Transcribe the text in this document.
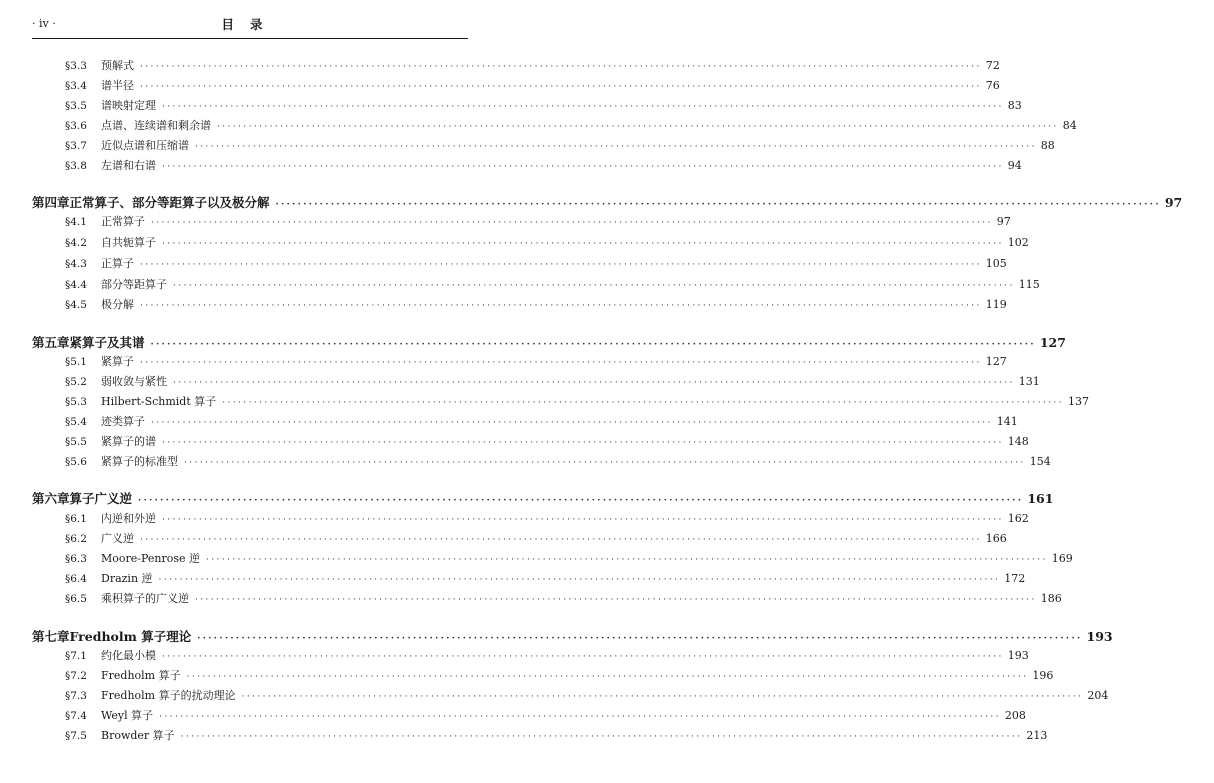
· iv ·	目录
§3.3	预解式 ································································································································································ 72
§3.4	谱半径 ································································································································································ 76
§3.5	谱映射定理 ································································································································································ 83
§3.6	点谱、连续谱和剩余谱 ································································································································································ 84
§3.7	近似点谱和压缩谱 ································································································································································ 88
§3.8	左谱和右谱 ································································································································································ 94
第四章 正常算子、部分等距算子以及极分解 ································································································································································ 97
§4.1	正常算子 ································································································································································ 97
§4.2	自共轭算子 ································································································································································ 102
§4.3	正算子 ································································································································································ 105
§4.4	部分等距算子 ································································································································································ 115
§4.5	极分解 ································································································································································ 119
第五章 紧算子及其谱 ································································································································································ 127
§5.1	紧算子 ································································································································································ 127
§5.2	弱收敛与紧性 ································································································································································ 131
§5.3	Hilbert-Schmidt 算子 ································································································································································ 137
§5.4	迹类算子 ································································································································································ 141
§5.5	紧算子的谱 ································································································································································ 148
§5.6	紧算子的标准型 ································································································································································ 154
第六章 算子广义逆 ································································································································································ 161
§6.1	内逆和外逆 ································································································································································ 162
§6.2	广义逆 ································································································································································ 166
§6.3	Moore-Penrose 逆 ································································································································································ 169
§6.4	Drazin 逆 ································································································································································ 172
§6.5	乘积算子的广义逆 ································································································································································ 186
第七章 Fredholm 算子理论 ································································································································································ 193
§7.1	约化最小模 ································································································································································ 193
§7.2	Fredholm 算子 ································································································································································ 196
§7.3	Fredholm 算子的扰动理论 ································································································································································ 204
§7.4	Weyl 算子 ································································································································································ 208
§7.5	Browder 算子 ································································································································································ 213
